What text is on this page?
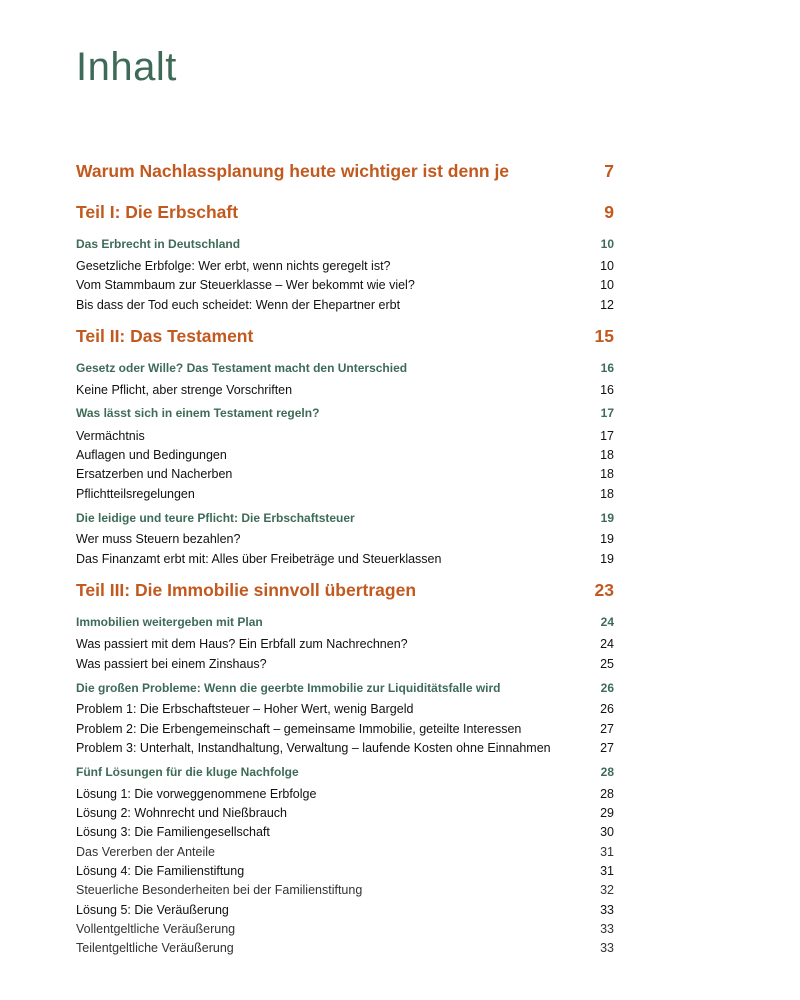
Inhalt
Warum Nachlassplanung heute wichtiger ist denn je	7
Teil I: Die Erbschaft	9
Das Erbrecht in Deutschland	10
Gesetzliche Erbfolge: Wer erbt, wenn nichts geregelt ist?	10
Vom Stammbaum zur Steuerklasse – Wer bekommt wie viel?	10
Bis dass der Tod euch scheidet: Wenn der Ehepartner erbt	12
Teil II: Das Testament	15
Gesetz oder Wille? Das Testament macht den Unterschied	16
Keine Pflicht, aber strenge Vorschriften	16
Was lässt sich in einem Testament regeln?	17
Vermächtnis	17
Auflagen und Bedingungen	18
Ersatzerben und Nacherben	18
Pflichtteilsregelungen	18
Die leidige und teure Pflicht: Die Erbschaftsteuer	19
Wer muss Steuern bezahlen?	19
Das Finanzamt erbt mit: Alles über Freibeträge und Steuerklassen	19
Teil III: Die Immobilie sinnvoll übertragen	23
Immobilien weitergeben mit Plan	24
Was passiert mit dem Haus? Ein Erbfall zum Nachrechnen?	24
Was passiert bei einem Zinshaus?	25
Die großen Probleme: Wenn die geerbte Immobilie zur Liquiditätsfalle wird	26
Problem 1: Die Erbschaftsteuer – Hoher Wert, wenig Bargeld	26
Problem 2: Die Erbengemeinschaft – gemeinsame Immobilie, geteilte Interessen	27
Problem 3: Unterhalt, Instandhaltung, Verwaltung – laufende Kosten ohne Einnahmen	27
Fünf Lösungen für die kluge Nachfolge	28
Lösung 1: Die vorweggenommene Erbfolge	28
Lösung 2: Wohnrecht und Nießbrauch	29
Lösung 3: Die Familiengesellschaft	30
Das Vererben der Anteile	31
Lösung 4: Die Familienstiftung	31
Steuerliche Besonderheiten bei der Familienstiftung	32
Lösung 5: Die Veräußerung	33
Vollentgeltliche Veräußerung	33
Teilentgeltliche Veräußerung	33
